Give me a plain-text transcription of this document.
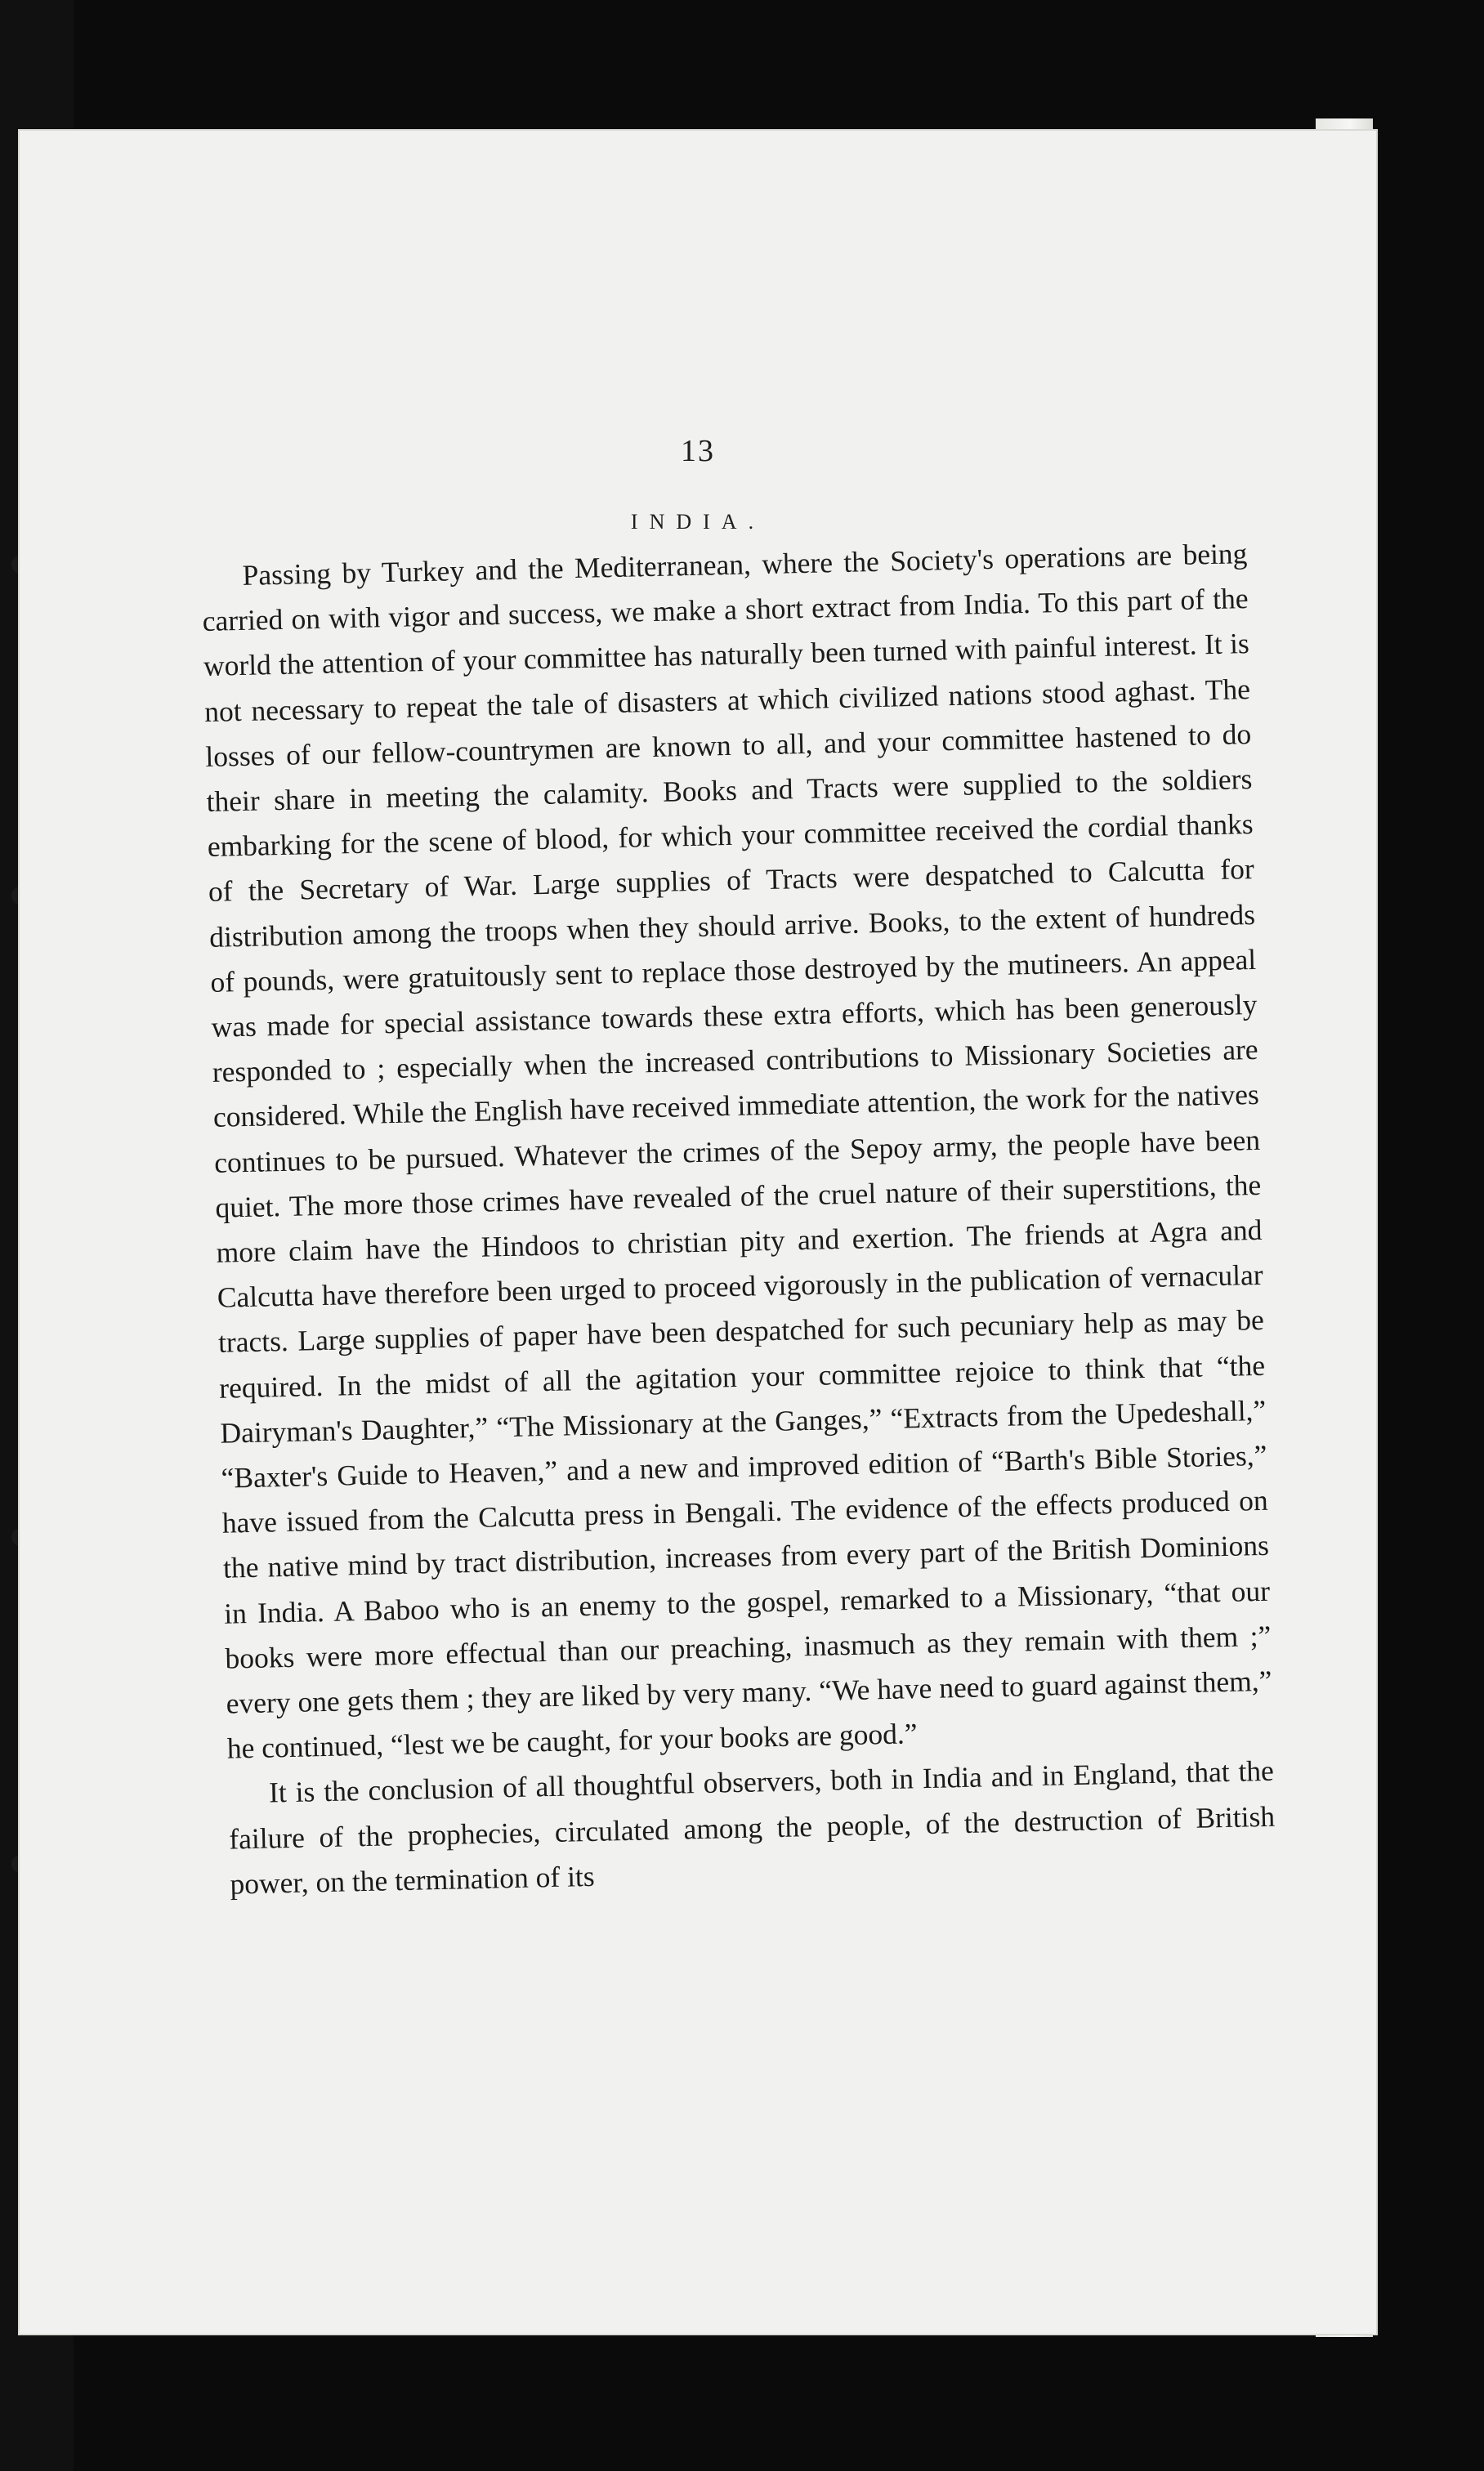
13
INDIA.

Passing by Turkey and the Mediterranean, where the Society's operations are being carried on with vigor and success, we make a short extract from India. To this part of the world the attention of your committee has naturally been turned with painful interest. It is not necessary to repeat the tale of disasters at which civilized nations stood aghast. The losses of our fellow-countrymen are known to all, and your committee hastened to do their share in meeting the calamity. Books and Tracts were supplied to the soldiers embarking for the scene of blood, for which your committee received the cordial thanks of the Secretary of War. Large supplies of Tracts were despatched to Calcutta for distribution among the troops when they should arrive. Books, to the extent of hundreds of pounds, were gratuitously sent to replace those destroyed by the mutineers. An appeal was made for special assistance towards these extra efforts, which has been generously responded to ; especially when the increased contributions to Missionary Societies are considered. While the English have received immediate attention, the work for the natives continues to be pursued. Whatever the crimes of the Sepoy army, the people have been quiet. The more those crimes have revealed of the cruel nature of their superstitions, the more claim have the Hindoos to christian pity and exertion. The friends at Agra and Calcutta have therefore been urged to proceed vigorously in the publication of vernacular tracts. Large supplies of paper have been despatched for such pecuniary help as may be required. In the midst of all the agitation your committee rejoice to think that “the Dairyman's Daughter,” “The Missionary at the Ganges,” “Extracts from the Upedeshall,” “Baxter's Guide to Heaven,” and a new and improved edition of “Barth's Bible Stories,” have issued from the Calcutta press in Bengali. The evidence of the effects produced on the native mind by tract distribution, increases from every part of the British Dominions in India. A Baboo who is an enemy to the gospel, remarked to a Missionary, “that our books were more effectual than our preaching, inasmuch as they remain with them ;” every one gets them ; they are liked by very many. “We have need to guard against them,” he continued, “lest we be caught, for your books are good.”

It is the conclusion of all thoughtful observers, both in India and in England, that the failure of the prophecies, circulated among the people, of the destruction of British power, on the termination of its
